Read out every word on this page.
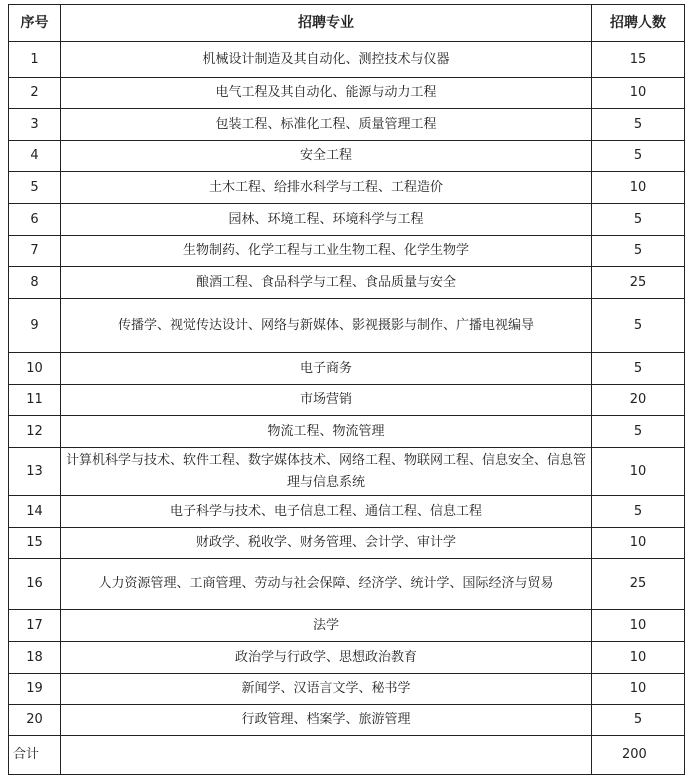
序号	招聘专业	招聘人数
1	机械设计制造及其自动化、测控技术与仪器	15
2	电气工程及其自动化、能源与动力工程	10
3	包装工程、标准化工程、质量管理工程	5
4	安全工程	5
5	土木工程、给排水科学与工程、工程造价	10
6	园林、环境工程、环境科学与工程	5
7	生物制药、化学工程与工业生物工程、化学生物学	5
8	酿酒工程、食品科学与工程、食品质量与安全	25
9	传播学、视觉传达设计、网络与新媒体、影视摄影与制作、广播电视编导	5
10	电子商务	5
11	市场营销	20
12	物流工程、物流管理	5
13	计算机科学与技术、软件工程、数字媒体技术、网络工程、物联网工程、信息安全、信息管理与信息系统	10
14	电子科学与技术、电子信息工程、通信工程、信息工程	5
15	财政学、税收学、财务管理、会计学、审计学	10
16	人力资源管理、工商管理、劳动与社会保障、经济学、统计学、国际经济与贸易	25
17	法学	10
18	政治学与行政学、思想政治教育	10
19	新闻学、汉语言文学、秘书学	10
20	行政管理、档案学、旅游管理	5
合计		200
